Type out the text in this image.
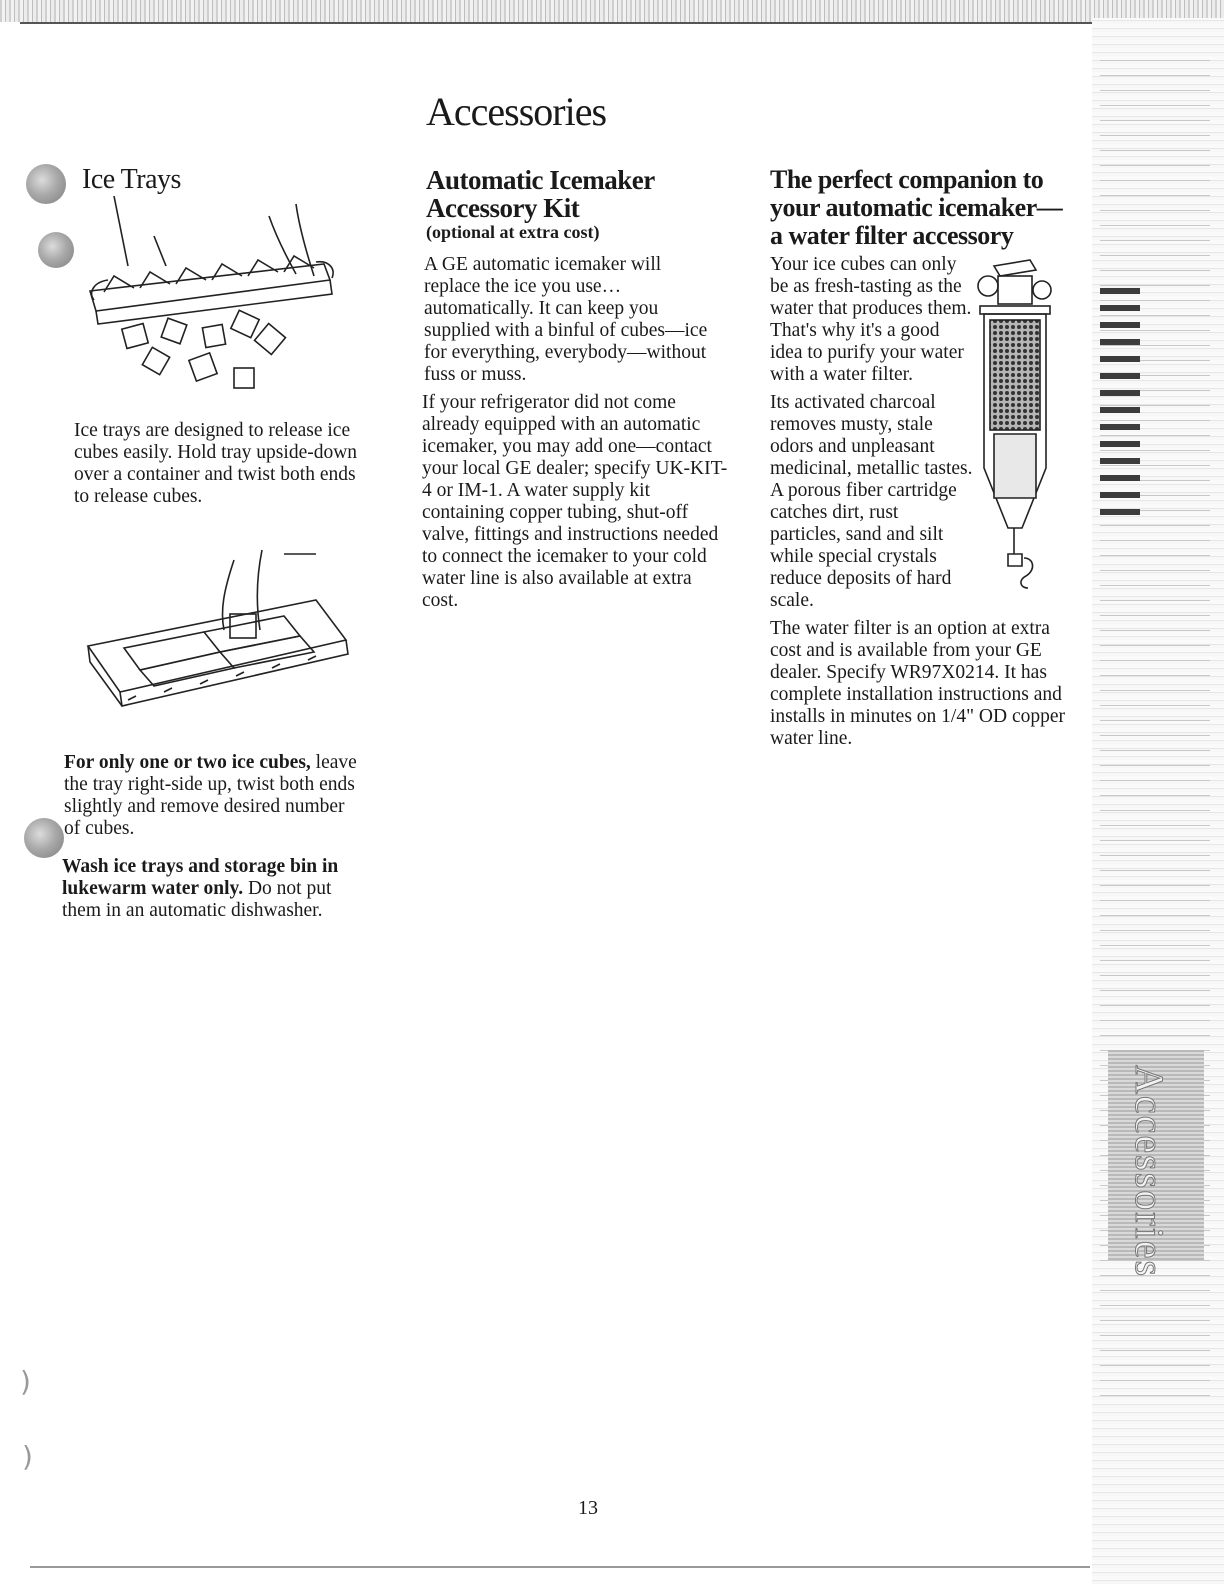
Accessories
)
)
Accessories
Ice Trays

Ice trays are designed to release ice cubes easily. Hold tray upside-down over a container and twist both ends to release cubes.

For only one or two ice cubes, leave the tray right-side up, twist both ends slightly and remove desired number of cubes.

Wash ice trays and storage bin in lukewarm water only. Do not put them in an automatic dishwasher.

Automatic Icemaker Accessory Kit
(optional at extra cost)

A GE automatic icemaker will replace the ice you use… automatically. It can keep you supplied with a binful of cubes—ice for everything, everybody—without fuss or muss.

If your refrigerator did not come already equipped with an automatic icemaker, you may add one—contact your local GE dealer; specify UK-KIT-4 or IM-1. A water supply kit containing copper tubing, shut-off valve, fittings and instructions needed to connect the icemaker to your cold water line is also available at extra cost.

The perfect companion to your automatic icemaker—a water filter accessory

Your ice cubes can only be as fresh-tasting as the water that produces them. That's why it's a good idea to purify your water with a water filter.

Its activated charcoal removes musty, stale odors and unpleasant medicinal, metallic tastes. A porous fiber cartridge catches dirt, rust particles, sand and silt while special crystals reduce deposits of hard scale.

The water filter is an option at extra cost and is available from your GE dealer. Specify WR97X0214. It has complete installation instructions and installs in minutes on 1/4" OD copper water line.

13
